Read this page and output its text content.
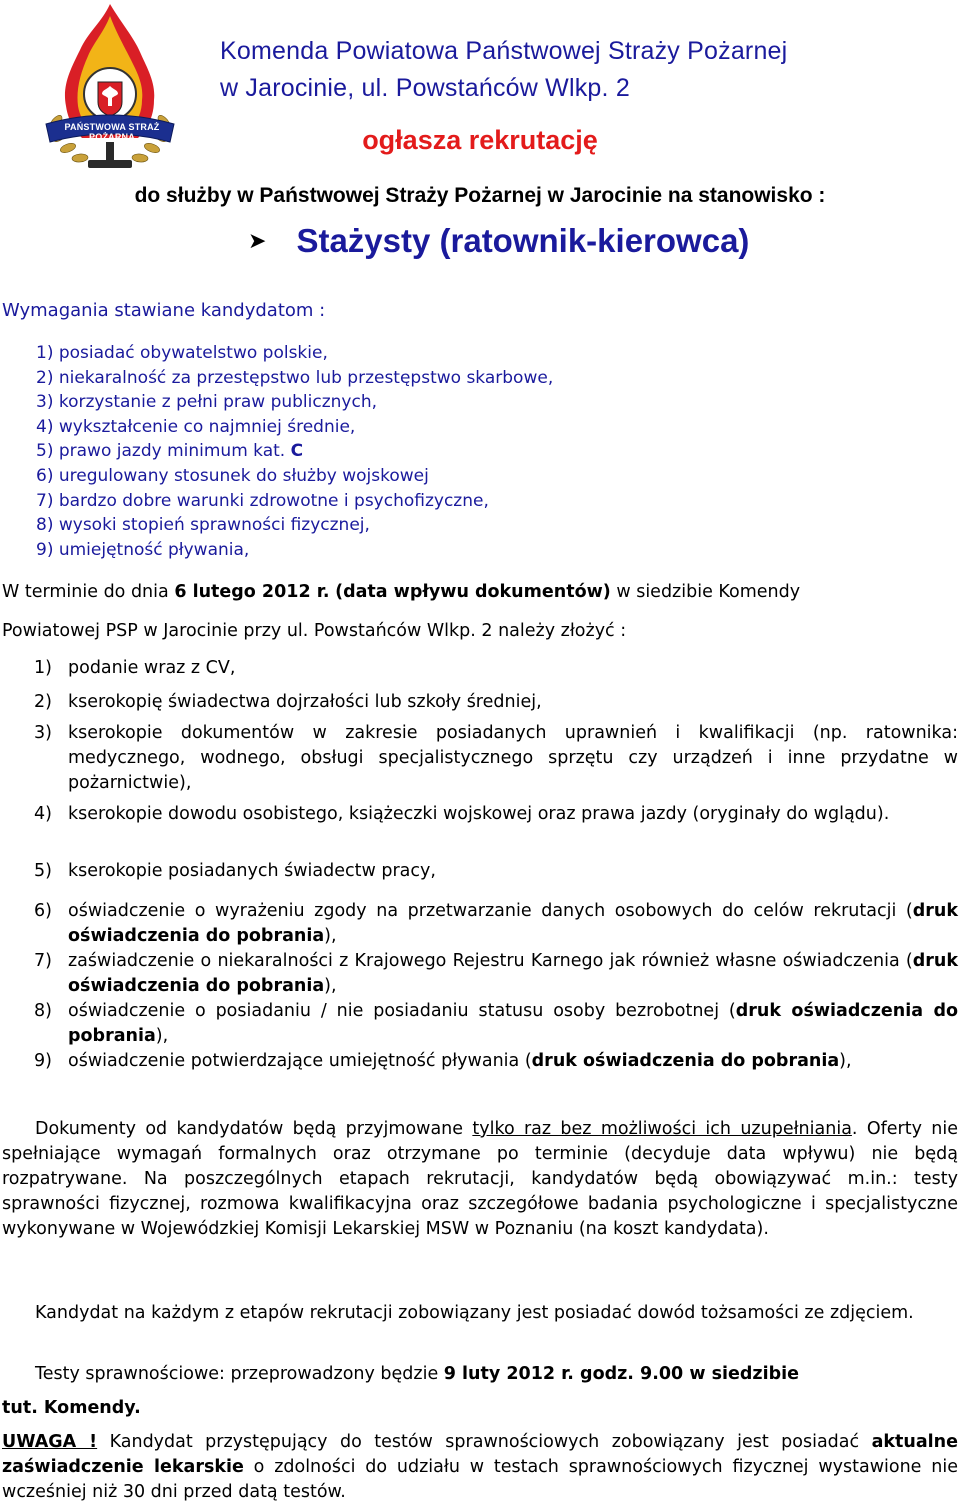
PAŃSTWOWA STRAŻ POŻARNA
Komenda Powiatowa Państwowej Straży Pożarnej
w Jarocinie, ul. Powstańców Wlkp. 2
ogłasza rekrutację
do służby w Państwowej Straży Pożarnej w Jarocinie na stanowisko :
➤ Stażysty (ratownik-kierowca)
Wymagania stawiane kandydatom :
1) posiadać obywatelstwo polskie,
2) niekaralność za przestępstwo lub przestępstwo skarbowe,
3) korzystanie z pełni praw publicznych,
4) wykształcenie co najmniej średnie,
5) prawo jazdy minimum kat. C
6) uregulowany stosunek do służby wojskowej
7) bardzo dobre warunki zdrowotne i psychofizyczne,
8) wysoki stopień sprawności fizycznej,
9) umiejętność pływania,
W terminie do dnia 6 lutego 2012 r. (data wpływu dokumentów) w siedzibie Komendy
Powiatowej PSP w Jarocinie przy ul. Powstańców Wlkp. 2 należy złożyć :
1) podanie wraz z CV,
2) kserokopię świadectwa dojrzałości lub szkoły średniej,
3) kserokopie dokumentów w zakresie posiadanych uprawnień i kwalifikacji (np. ratownika: medycznego, wodnego, obsługi specjalistycznego sprzętu czy urządzeń i inne przydatne w pożarnictwie),
4) kserokopie dowodu osobistego, książeczki wojskowej oraz prawa jazdy (oryginały do wglądu).
5) kserokopie posiadanych świadectw pracy,
6) oświadczenie o wyrażeniu zgody na przetwarzanie danych osobowych do celów rekrutacji (druk oświadczenia do pobrania),
7) zaświadczenie o niekaralności z Krajowego Rejestru Karnego jak również własne oświadczenia (druk oświadczenia do pobrania),
8) oświadczenie o posiadaniu / nie posiadaniu statusu osoby bezrobotnej (druk oświadczenia do pobrania),
9) oświadczenie potwierdzające umiejętność pływania (druk oświadczenia do pobrania),
Dokumenty od kandydatów będą przyjmowane tylko raz bez możliwości ich uzupełniania. Oferty nie spełniające wymagań formalnych oraz otrzymane po terminie (decyduje data wpływu) nie będą rozpatrywane. Na poszczególnych etapach rekrutacji, kandydatów będą obowiązywać m.in.: testy sprawności fizycznej, rozmowa kwalifikacyjna oraz szczegółowe badania psychologiczne i specjalistyczne wykonywane w Wojewódzkiej Komisji Lekarskiej MSW w Poznaniu (na koszt kandydata).
Kandydat na każdym z etapów rekrutacji zobowiązany jest posiadać dowód tożsamości ze zdjęciem.
Testy sprawnościowe: przeprowadzony będzie 9 luty 2012 r. godz. 9.00 w siedzibie
tut. Komendy.
UWAGA ! Kandydat przystępujący do testów sprawnościowych zobowiązany jest posiadać aktualne zaświadczenie lekarskie o zdolności do udziału w testach sprawnościowych fizycznej wystawione nie wcześniej niż 30 dni przed datą testów.
